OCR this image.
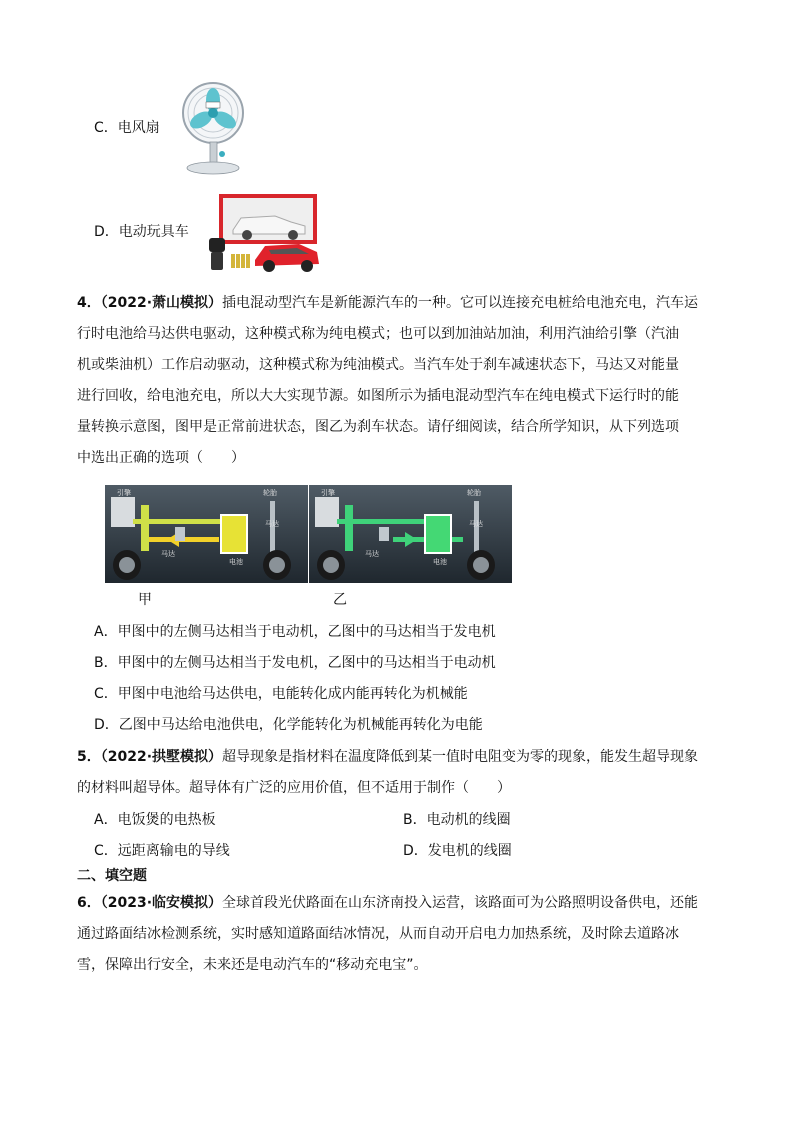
C．电风扇
D．电动玩具车
4．（2022·萧山模拟）插电混动型汽车是新能源汽车的一种。它可以连接充电桩给电池充电，汽车运
行时电池给马达供电驱动，这种模式称为纯电模式；也可以到加油站加油，利用汽油给引擎（汽油
机或柴油机）工作启动驱动，这种模式称为纯油模式。当汽车处于刹车减速状态下，马达又对能量
进行回收，给电池充电，所以大大实现节源。如图所示为插电混动型汽车在纯电模式下运行时的能
量转换示意图，图甲是正常前进状态，图乙为刹车状态。请仔细阅读，结合所学知识，从下列选项
中选出正确的选项（　　）
引擎	轮胎
马达
电池
马达
引擎	轮胎
马达
电池
马达
甲	乙
A．甲图中的左侧马达相当于电动机，乙图中的马达相当于发电机
B．甲图中的左侧马达相当于发电机，乙图中的马达相当于电动机
C．甲图中电池给马达供电，电能转化成内能再转化为机械能
D．乙图中马达给电池供电，化学能转化为机械能再转化为电能
5．（2022·拱墅模拟）超导现象是指材料在温度降低到某一值时电阻变为零的现象，能发生超导现象
的材料叫超导体。超导体有广泛的应用价值，但不适用于制作（　　）
A．电饭煲的电热板	B．电动机的线圈
C．远距离输电的导线	D．发电机的线圈
二、填空题
6．（2023·临安模拟）全球首段光伏路面在山东济南投入运营，该路面可为公路照明设备供电，还能
通过路面结冰检测系统，实时感知道路面结冰情况，从而自动开启电力加热系统，及时除去道路冰
雪，保障出行安全，未来还是电动汽车的“移动充电宝”。
